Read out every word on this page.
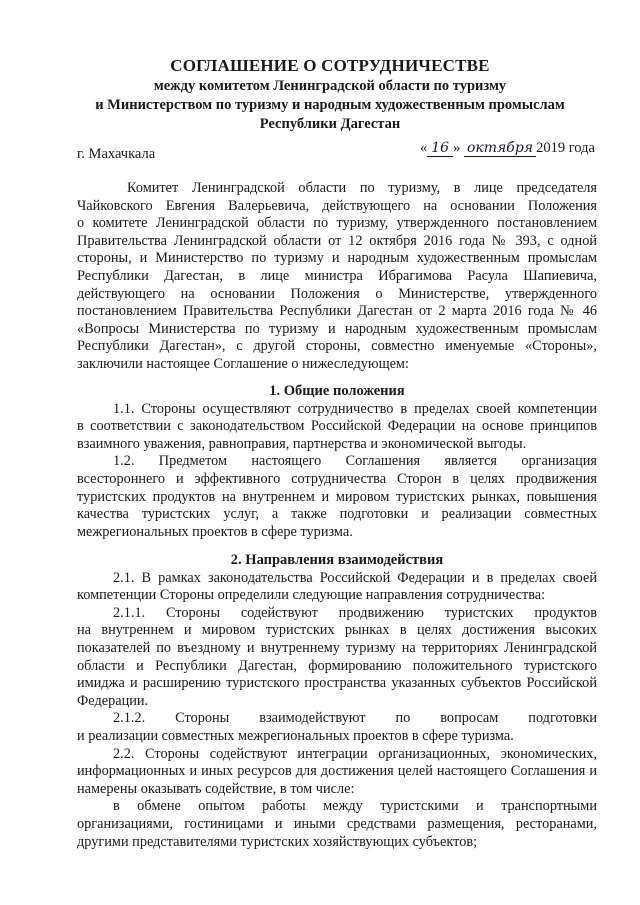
СОГЛАШЕНИЕ О СОТРУДНИЧЕСТВЕ
между комитетом Ленинградской области по туризму
и Министерством по туризму и народным художественным промыслам
Республики Дагестан
г. Махачкала	« 16 » октября 2019 года
Комитет Ленинградской области по туризму, в лице председателя
Чайковского Евгения Валерьевича, действующего на основании Положения
о комитете Ленинградской области по туризму, утвержденного постановлением
Правительства Ленинградской области от 12 октября 2016 года № 393, с одной
стороны, и Министерство по туризму и народным художественным промыслам
Республики Дагестан, в лице министра Ибрагимова Расула Шапиевича,
действующего на основании Положения о Министерстве, утвержденного
постановлением Правительства Республики Дагестан от 2 марта 2016 года № 46
«Вопросы Министерства по туризму и народным художественным промыслам
Республики Дагестан», с другой стороны, совместно именуемые «Стороны»,
заключили настоящее Соглашение о нижеследующем:
1. Общие положения
1.1. Стороны осуществляют сотрудничество в пределах своей компетенции
в соответствии с законодательством Российской Федерации на основе принципов
взаимного уважения, равноправия, партнерства и экономической выгоды.
1.2. Предметом настоящего Соглашения является организация
всестороннего и эффективного сотрудничества Сторон в целях продвижения
туристских продуктов на внутреннем и мировом туристских рынках, повышения
качества туристских услуг, а также подготовки и реализации совместных
межрегиональных проектов в сфере туризма.
2. Направления взаимодействия
2.1. В рамках законодательства Российской Федерации и в пределах своей
компетенции Стороны определили следующие направления сотрудничества:
2.1.1. Стороны содействуют продвижению туристских продуктов
на внутреннем и мировом туристских рынках в целях достижения высоких
показателей по въездному и внутреннему туризму на территориях Ленинградской
области и Республики Дагестан, формированию положительного туристского
имиджа и расширению туристского пространства указанных субъектов Российской
Федерации.
2.1.2. Стороны взаимодействуют по вопросам подготовки
и реализации совместных межрегиональных проектов в сфере туризма.
2.2. Стороны содействуют интеграции организационных, экономических,
информационных и иных ресурсов для достижения целей настоящего Соглашения и
намерены оказывать содействие, в том числе:
в обмене опытом работы между туристскими и транспортными
организациями, гостиницами и иными средствами размещения, ресторанами,
другими представителями туристских хозяйствующих субъектов;
